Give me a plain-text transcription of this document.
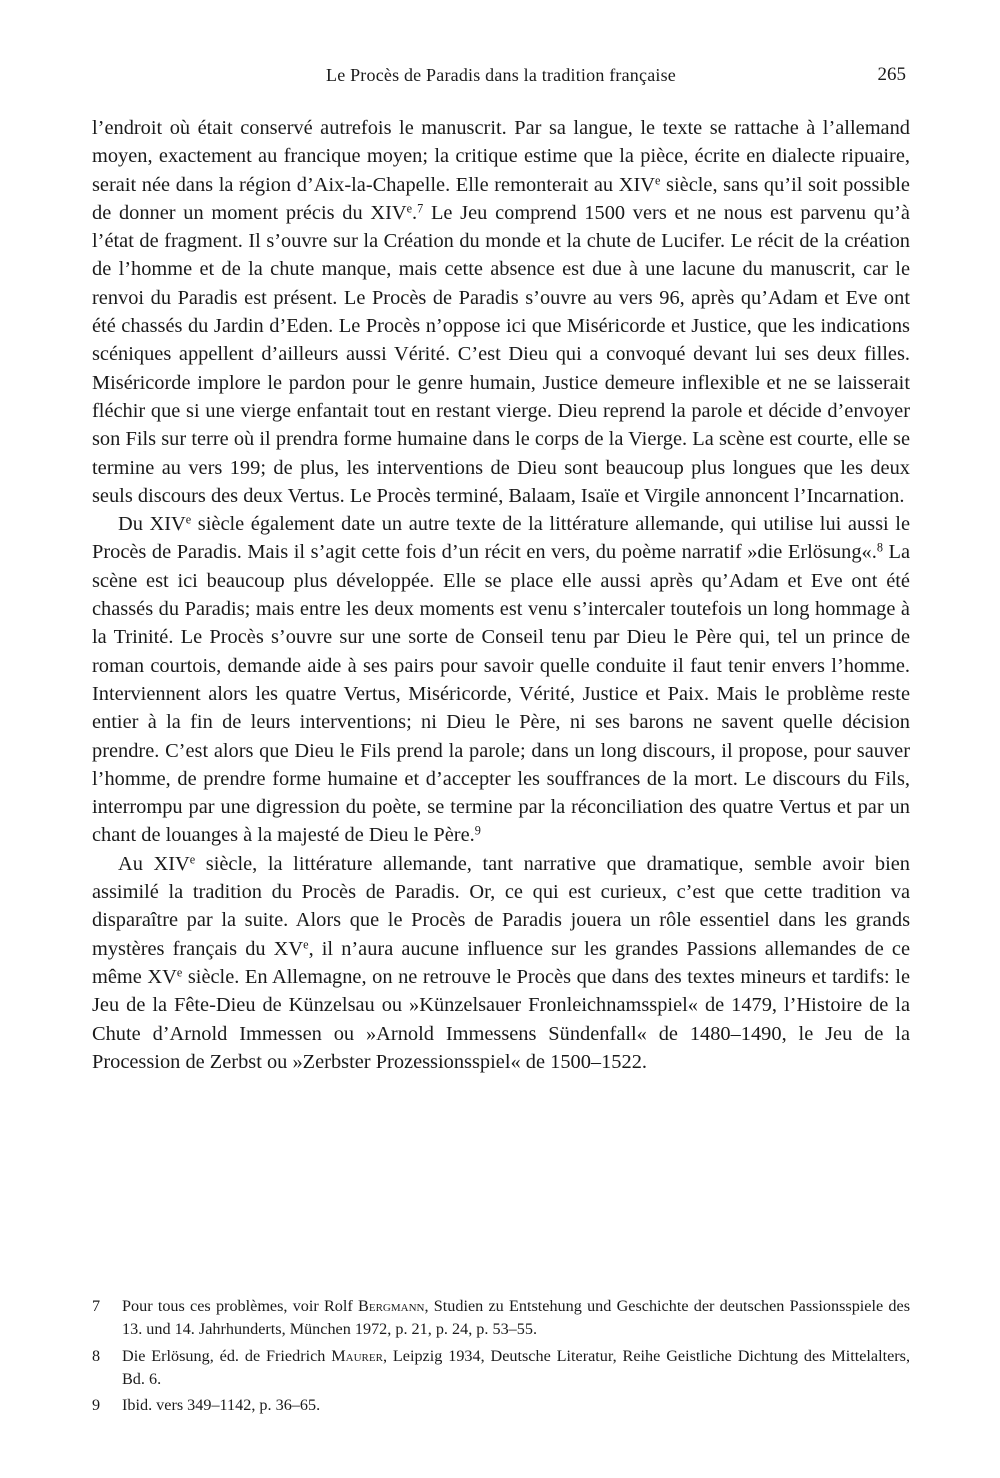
Le Procès de Paradis dans la tradition française	265

l’endroit où était conservé autrefois le manuscrit. Par sa langue, le texte se rattache à l’allemand moyen, exactement au francique moyen; la critique estime que la pièce, écrite en dialecte ripuaire, serait née dans la région d’Aix-la-Chapelle. Elle remonterait au XIVe siècle, sans qu’il soit possible de donner un moment précis du XIVe.$^7$ Le Jeu comprend 1500 vers et ne nous est parvenu qu’à l’état de fragment. Il s’ouvre sur la Création du monde et la chute de Lucifer. Le récit de la création de l’homme et de la chute manque, mais cette absence est due à une lacune du manuscrit, car le renvoi du Paradis est présent. Le Procès de Paradis s’ouvre au vers 96, après qu’Adam et Eve ont été chassés du Jardin d’Eden. Le Procès n’oppose ici que Miséricorde et Justice, que les indications scéniques appellent d’ailleurs aussi Vérité. C’est Dieu qui a convoqué devant lui ses deux filles. Miséricorde implore le pardon pour le genre humain, Justice demeure inflexible et ne se laisserait fléchir que si une vierge enfantait tout en restant vierge. Dieu reprend la parole et décide d’envoyer son Fils sur terre où il prendra forme humaine dans le corps de la Vierge. La scène est courte, elle se termine au vers 199; de plus, les interventions de Dieu sont beaucoup plus longues que les deux seuls discours des deux Vertus. Le Procès terminé, Balaam, Isaïe et Virgile annoncent l’Incarnation.

Du XIVe siècle également date un autre texte de la littérature allemande, qui utilise lui aussi le Procès de Paradis. Mais il s’agit cette fois d’un récit en vers, du poème narratif »die Erlösung«.$^8$ La scène est ici beaucoup plus développée. Elle se place elle aussi après qu’Adam et Eve ont été chassés du Paradis; mais entre les deux moments est venu s’intercaler toutefois un long hommage à la Trinité. Le Procès s’ouvre sur une sorte de Conseil tenu par Dieu le Père qui, tel un prince de roman courtois, demande aide à ses pairs pour savoir quelle conduite il faut tenir envers l’homme. Interviennent alors les quatre Vertus, Miséricorde, Vérité, Justice et Paix. Mais le problème reste entier à la fin de leurs interventions; ni Dieu le Père, ni ses barons ne savent quelle décision prendre. C’est alors que Dieu le Fils prend la parole; dans un long discours, il propose, pour sauver l’homme, de prendre forme humaine et d’accepter les souffrances de la mort. Le discours du Fils, interrompu par une digression du poète, se termine par la réconciliation des quatre Vertus et par un chant de louanges à la majesté de Dieu le Père.$^9$

Au XIVe siècle, la littérature allemande, tant narrative que dramatique, semble avoir bien assimilé la tradition du Procès de Paradis. Or, ce qui est curieux, c’est que cette tradition va disparaître par la suite. Alors que le Procès de Paradis jouera un rôle essentiel dans les grands mystères français du XVe, il n’aura aucune influence sur les grandes Passions allemandes de ce même XVe siècle. En Allemagne, on ne retrouve le Procès que dans des textes mineurs et tardifs: le Jeu de la Fête-Dieu de Künzelsau ou »Künzelsauer Fronleichnamsspiel« de 1479, l’Histoire de la Chute d’Arnold Immessen ou »Arnold Immessens Sündenfall« de 1480–1490, le Jeu de la Procession de Zerbst ou »Zerbster Prozessionsspiel« de 1500–1522.

7 Pour tous ces problèmes, voir Rolf Bergmann, Studien zu Entstehung und Geschichte der deutschen Passionsspiele des 13. und 14. Jahrhunderts, München 1972, p. 21, p. 24, p. 53–55.

8 Die Erlösung, éd. de Friedrich Maurer, Leipzig 1934, Deutsche Literatur, Reihe Geistliche Dichtung des Mittelalters, Bd. 6.

9 Ibid. vers 349–1142, p. 36–65.
